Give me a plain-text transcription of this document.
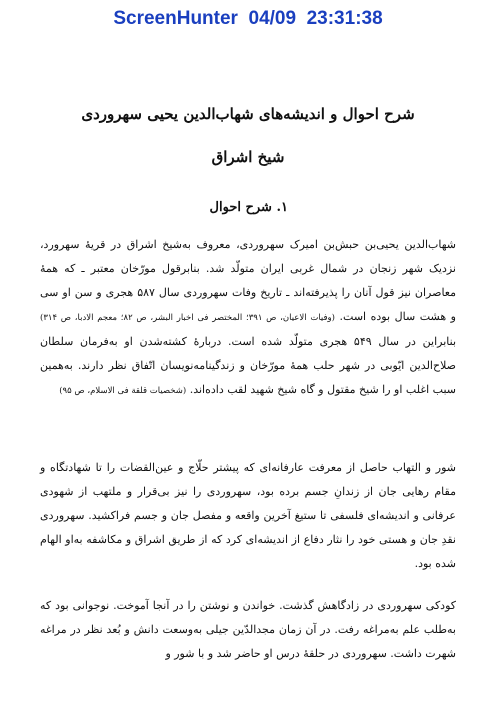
ScreenHunter  04/09  23:31:38
شرح احوال و اندیشه‌های شهاب‌الدین یحیی سهروردی
شیخ اشراق
۱. شرح احوال
شهاب‌الدین یحیی‌بن حبش‌بن امیرک سهروردی، معروف به‌شیخ اشراق در قریهٔ سهرورد، نزدیک شهر زنجان در شمال غربی ایران متولّد شد. بنابرقول مورّخان معتبر ـ که همهٔ معاصران نیز قول آنان را پذیرفته‌اند ـ تاریخ وفات سهروردی سال ۵۸۷ هجری و سن او سی و هشت سال بوده است. (وفیات الاعیان، ص ۳۹۱؛ المختصر فی اخبار البشر، ص ۸۲؛ معجم الادبا، ص ۳۱۴) بنابراین در سال ۵۴۹ هجری متولّد شده است. دربارهٔ کشته‌شدن او به‌فرمان سلطان صلاح‌الدین ایّوبی در شهر حلب همهٔ مورّخان و زندگینامه‌نویسان اتّفاق نظر دارند. به‌همین سبب اغلب او را شیخ مقتول و گاه شیخ شهید لقب داده‌اند. (شخصیات قلقة فی الاسلام، ص ۹۵)
شور و التهاب حاصل از معرفت عارفانه‌ای که پیشتر حلّاج و عین‌القضات را تا شهادتگاه و مقام رهایی جان از زندانِ جسم برده بود، سهروردی را نیز بی‌قرار و ملتهب از شهودی عرفانی و اندیشه‌ای فلسفی تا ستیغ آخرین واقعه و مفصل جان و جسم فراکشید. سهروردی نقدِ جان و هستی خود را نثار دفاع از اندیشه‌ای کرد که از طریق اشراق و مکاشفه به‌او الهام شده بود.
کودکی سهروردی در زادگاهش گذشت. خواندن و نوشتن را در آنجا آموخت. نوجوانی بود که به‌طلب علم به‌مراغه رفت. در آن زمان مجدالدّین جیلی به‌وسعت دانش و بُعد نظر در مراغه شهرت داشت. سهروردی در حلقهٔ درس او حاضر شد و با شور و
